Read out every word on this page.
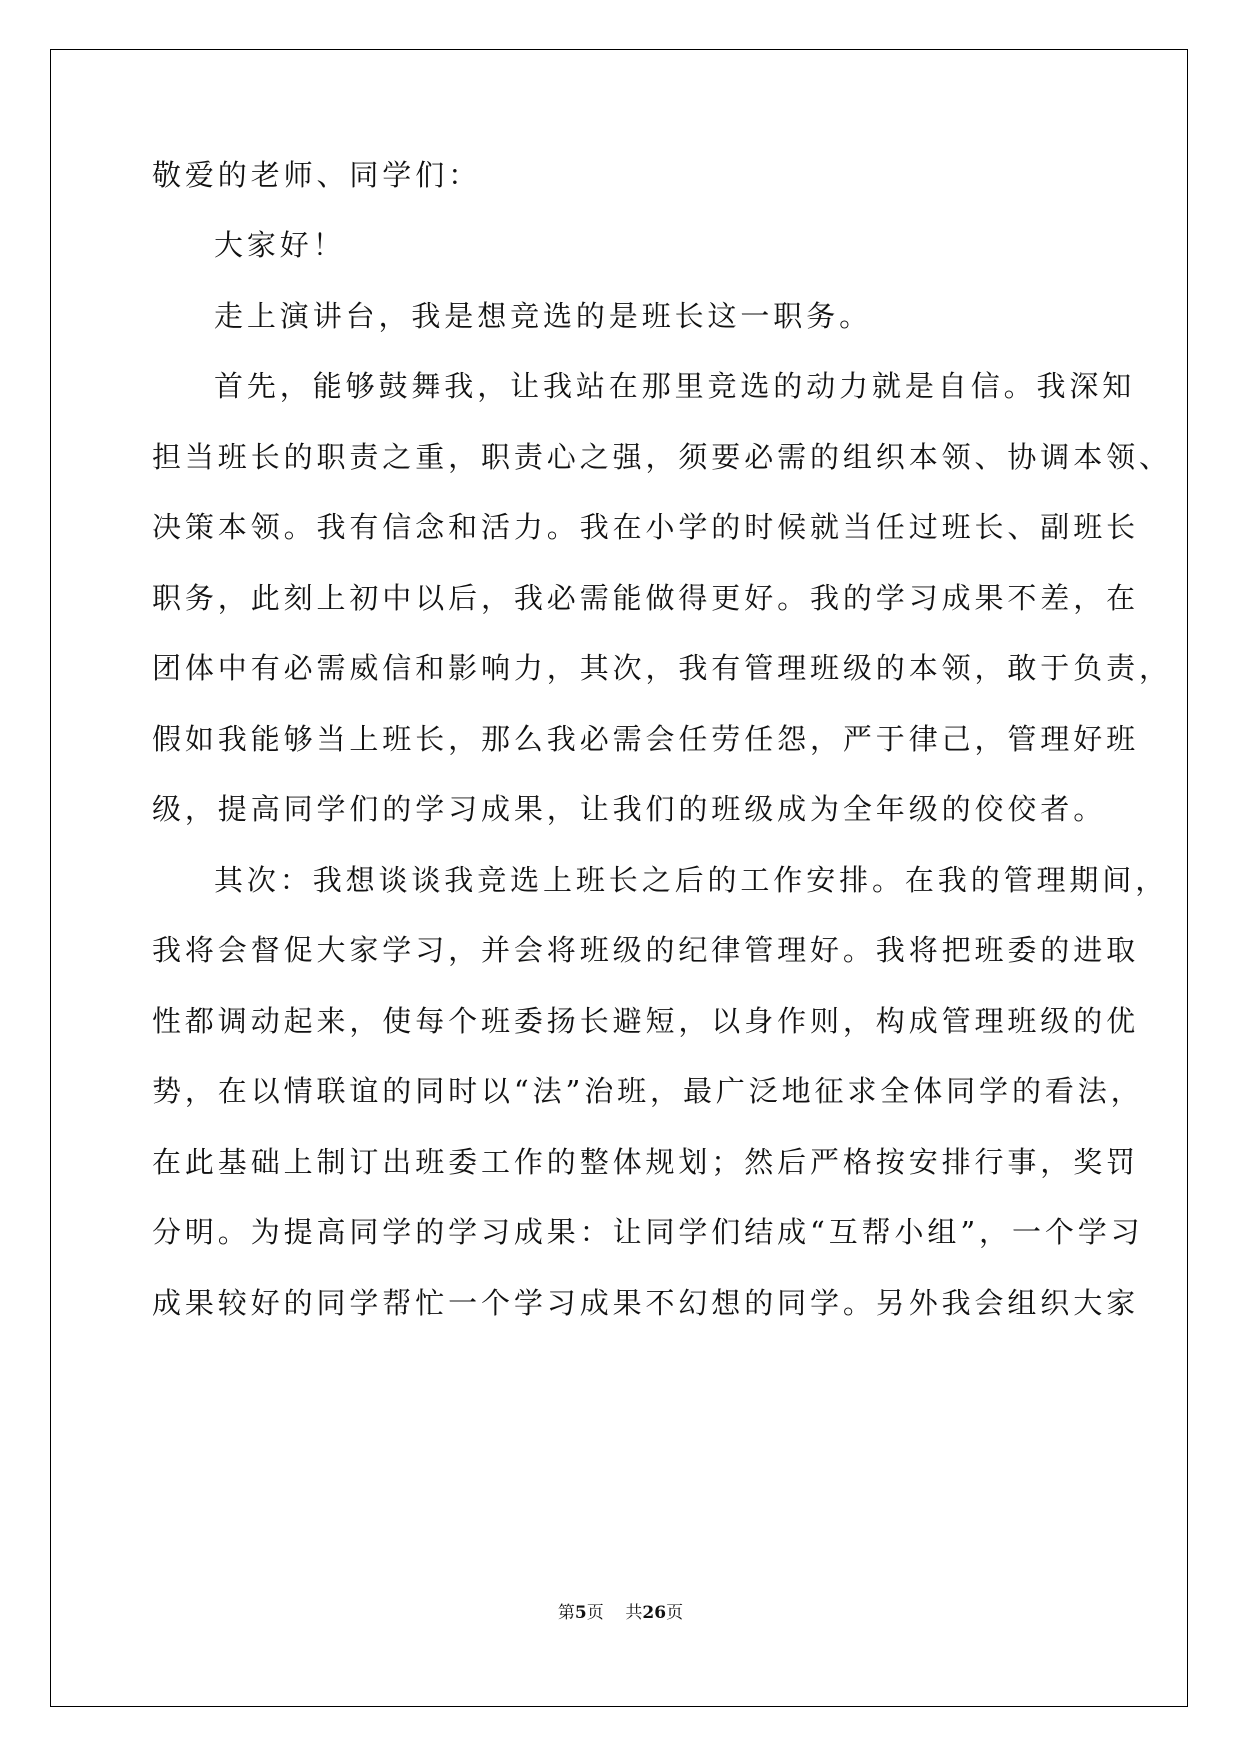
敬爱的老师、同学们：

大家好！

走上演讲台，我是想竞选的是班长这一职务。

首先，能够鼓舞我，让我站在那里竞选的动力就是自信。我深知

担当班长的职责之重，职责心之强，须要必需的组织本领、协调本领、

决策本领。我有信念和活力。我在小学的时候就当任过班长、副班长

职务，此刻上初中以后，我必需能做得更好。我的学习成果不差，在

团体中有必需威信和影响力，其次，我有管理班级的本领，敢于负责，

假如我能够当上班长，那么我必需会任劳任怨，严于律己，管理好班

级，提高同学们的学习成果，让我们的班级成为全年级的佼佼者。

其次：我想谈谈我竞选上班长之后的工作安排。在我的管理期间，

我将会督促大家学习，并会将班级的纪律管理好。我将把班委的进取

性都调动起来，使每个班委扬长避短，以身作则，构成管理班级的优

势，在以情联谊的同时以“法”治班，最广泛地征求全体同学的看法，

在此基础上制订出班委工作的整体规划；然后严格按安排行事，奖罚

分明。为提高同学的学习成果：让同学们结成“互帮小组”，一个学习

成果较好的同学帮忙一个学习成果不幻想的同学。另外我会组织大家

第5页 共26页
